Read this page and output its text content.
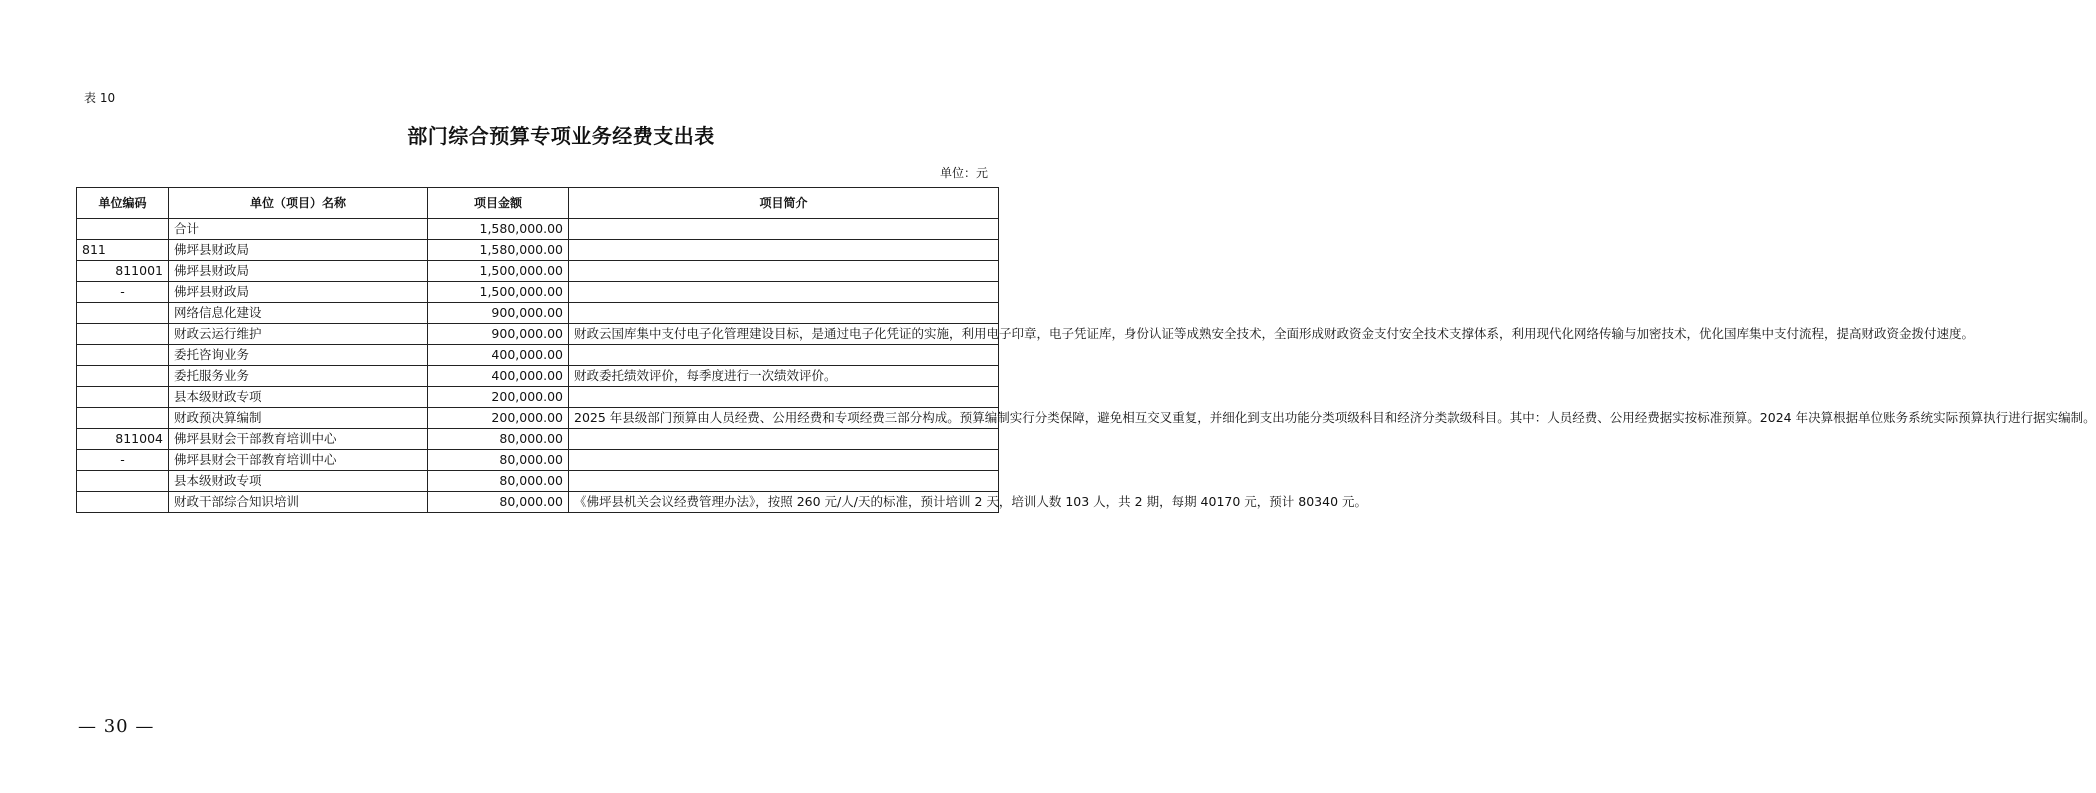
表 10
部门综合预算专项业务经费支出表
单位：元
单位编码	单位（项目）名称	项目金额	项目简介
	合计	1,580,000.00	
811	佛坪县财政局	1,580,000.00	
811001	佛坪县财政局	1,500,000.00	
-	佛坪县财政局	1,500,000.00	
	网络信息化建设	900,000.00	
	财政云运行维护	900,000.00	财政云国库集中支付电子化管理建设目标，是通过电子化凭证的实施，利用电子印章，电子凭证库，身份认证等成熟安全技术，全面形成财政资金支付安全技术支撑体系，利用现代化网络传输与加密技术，优化国库集中支付流程，提高财政资金拨付速度。
	委托咨询业务	400,000.00	
	委托服务业务	400,000.00	财政委托绩效评价，每季度进行一次绩效评价。
	县本级财政专项	200,000.00	
	财政预决算编制	200,000.00	2025 年县级部门预算由人员经费、公用经费和专项经费三部分构成。预算编制实行分类保障，避免相互交叉重复，并细化到支出功能分类项级科目和经济分类款级科目。其中：人员经费、公用经费据实按标准预算。2024 年决算根据单位账务系统实际预算执行进行据实编制。
811004	佛坪县财会干部教育培训中心	80,000.00	
-	佛坪县财会干部教育培训中心	80,000.00	
	县本级财政专项	80,000.00	
	财政干部综合知识培训	80,000.00	《佛坪县机关会议经费管理办法》，按照 260 元/人/天的标准，预计培训 2 天，培训人数 103 人，共 2 期，每期 40170 元，预计 80340 元。
— 30 —
